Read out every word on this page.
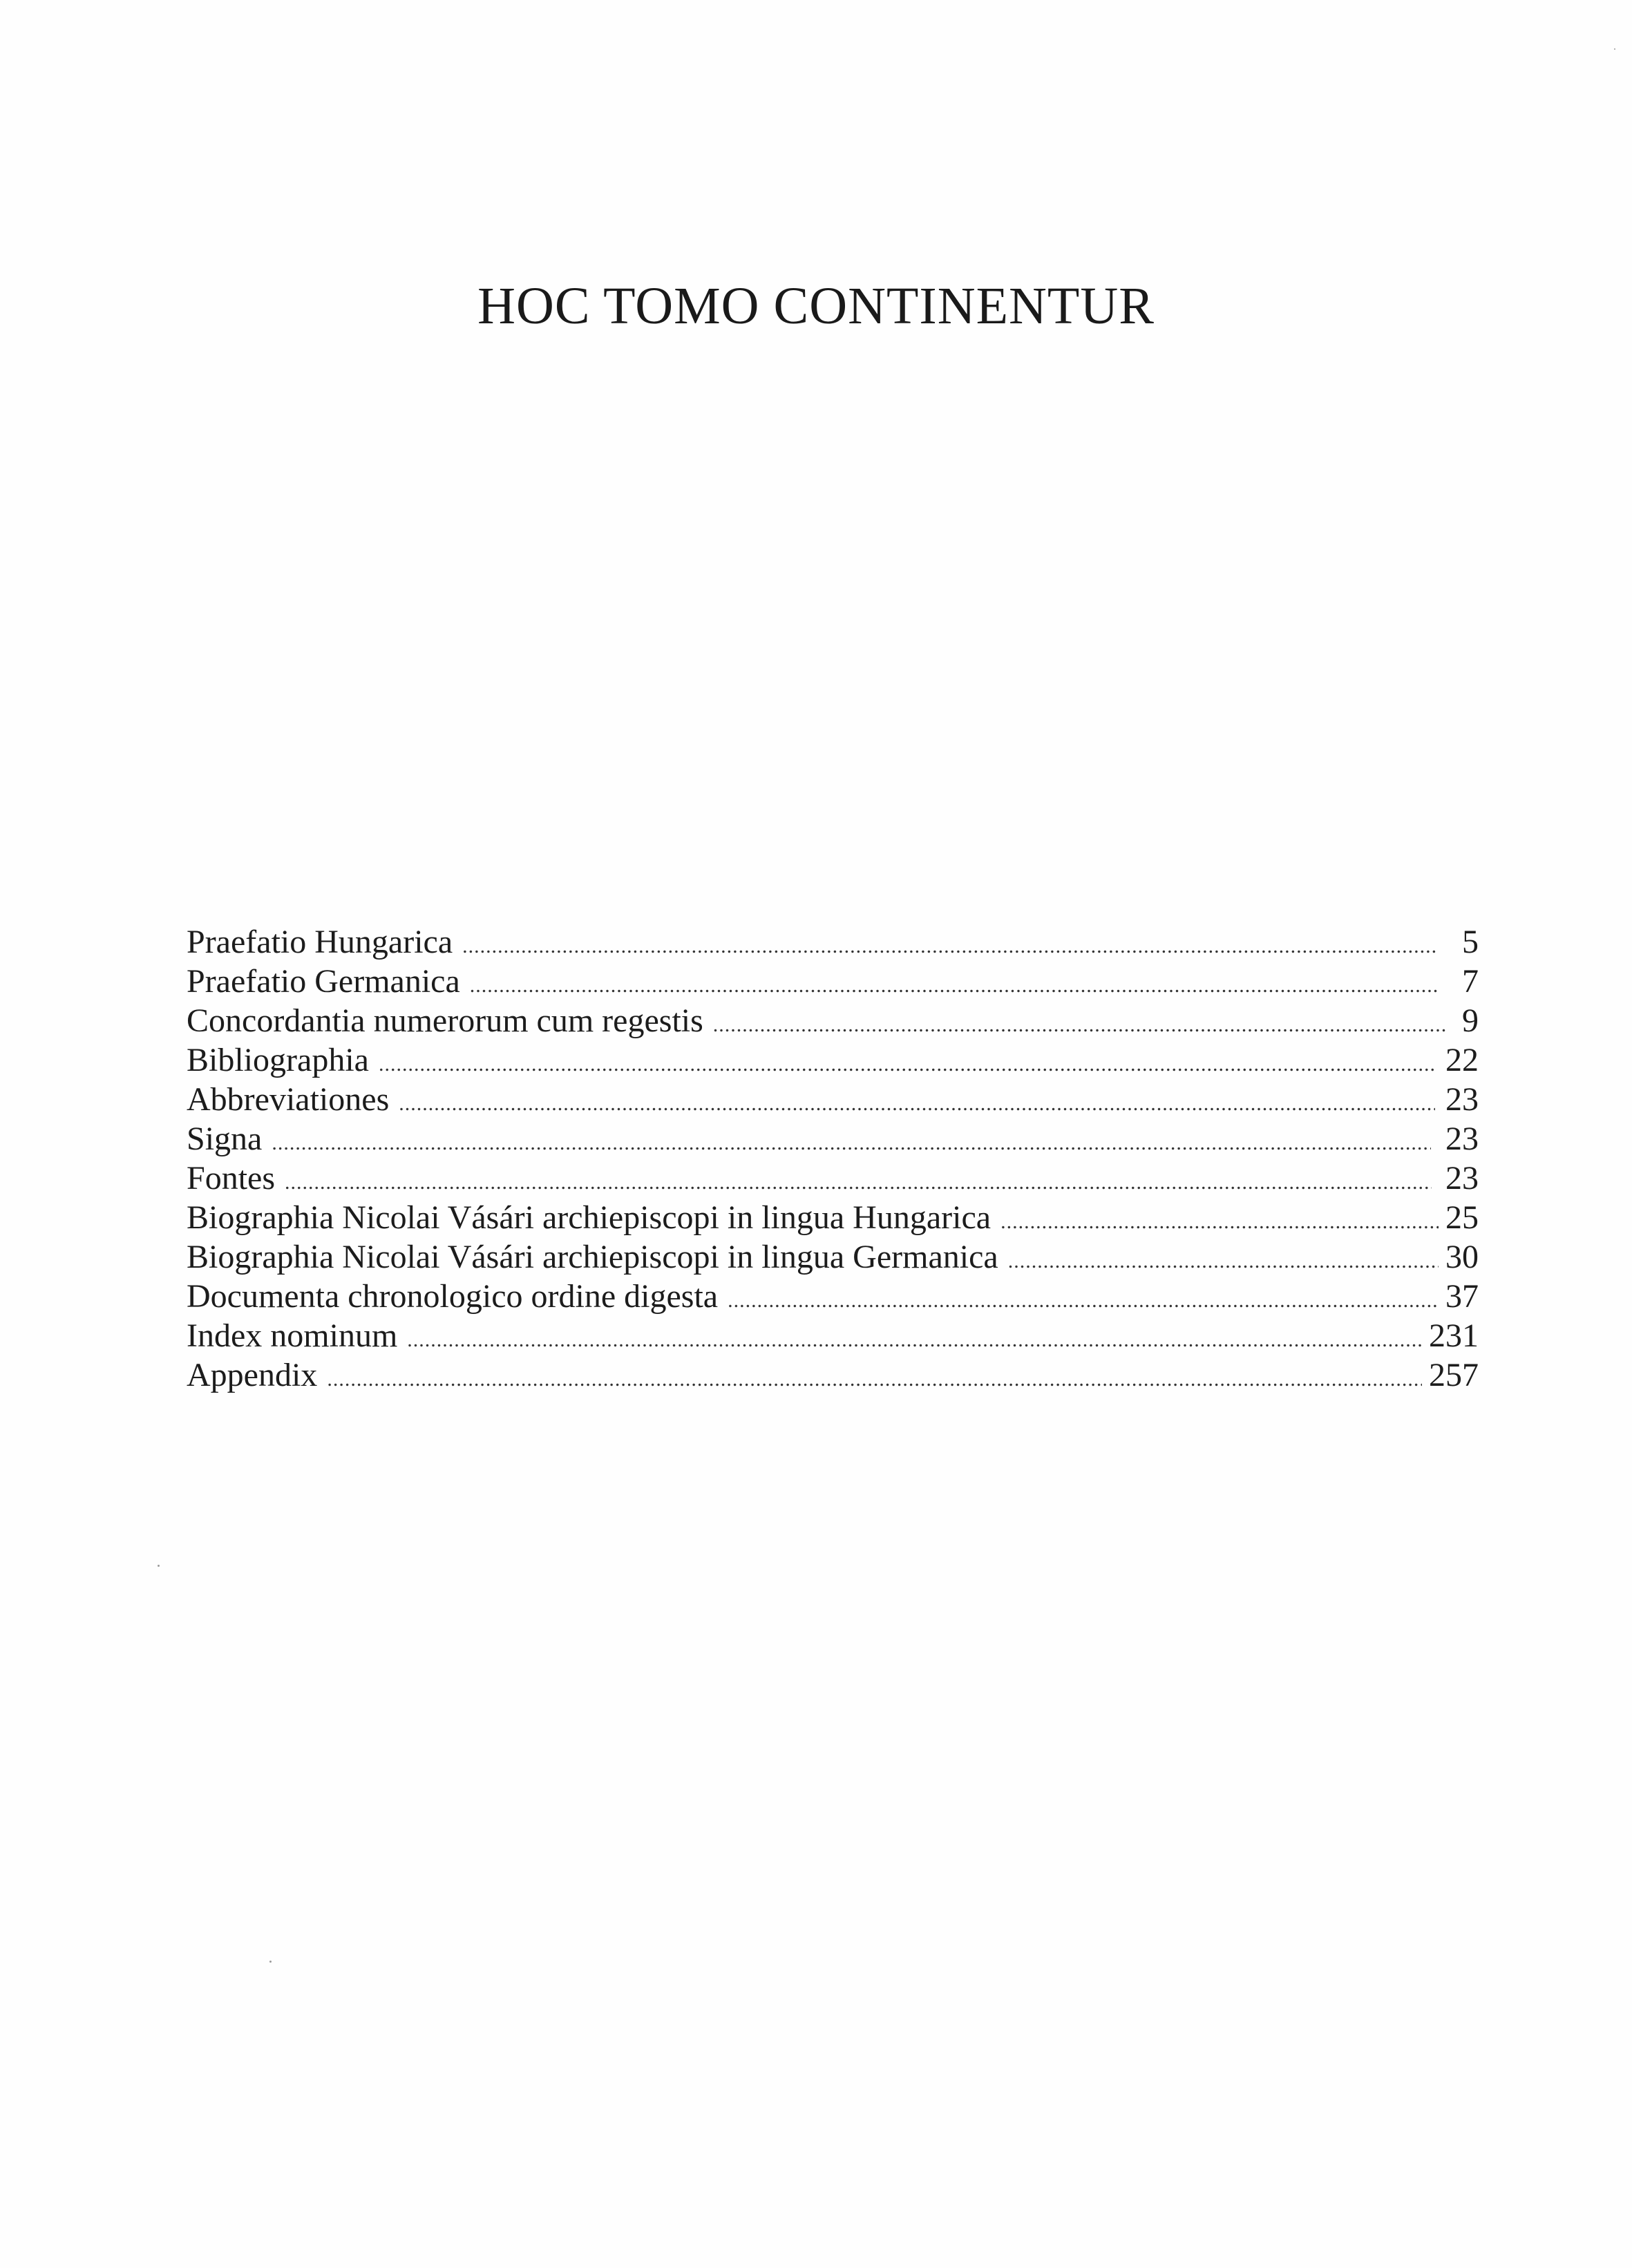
HOC TOMO CONTINENTUR
Praefatio Hungarica .....	5
Praefatio Germanica .....	7
Concordantia numerorum cum regestis .....	9
Bibliographia .....	22
Abbreviationes .....	23
Signa .....	23
Fontes .....	23
Biographia Nicolai Vásári archiepiscopi in lingua Hungarica .....	25
Biographia Nicolai Vásári archiepiscopi in lingua Germanica .....	30
Documenta chronologico ordine digesta .....	37
Index nominum .....	231
Appendix .....	257
